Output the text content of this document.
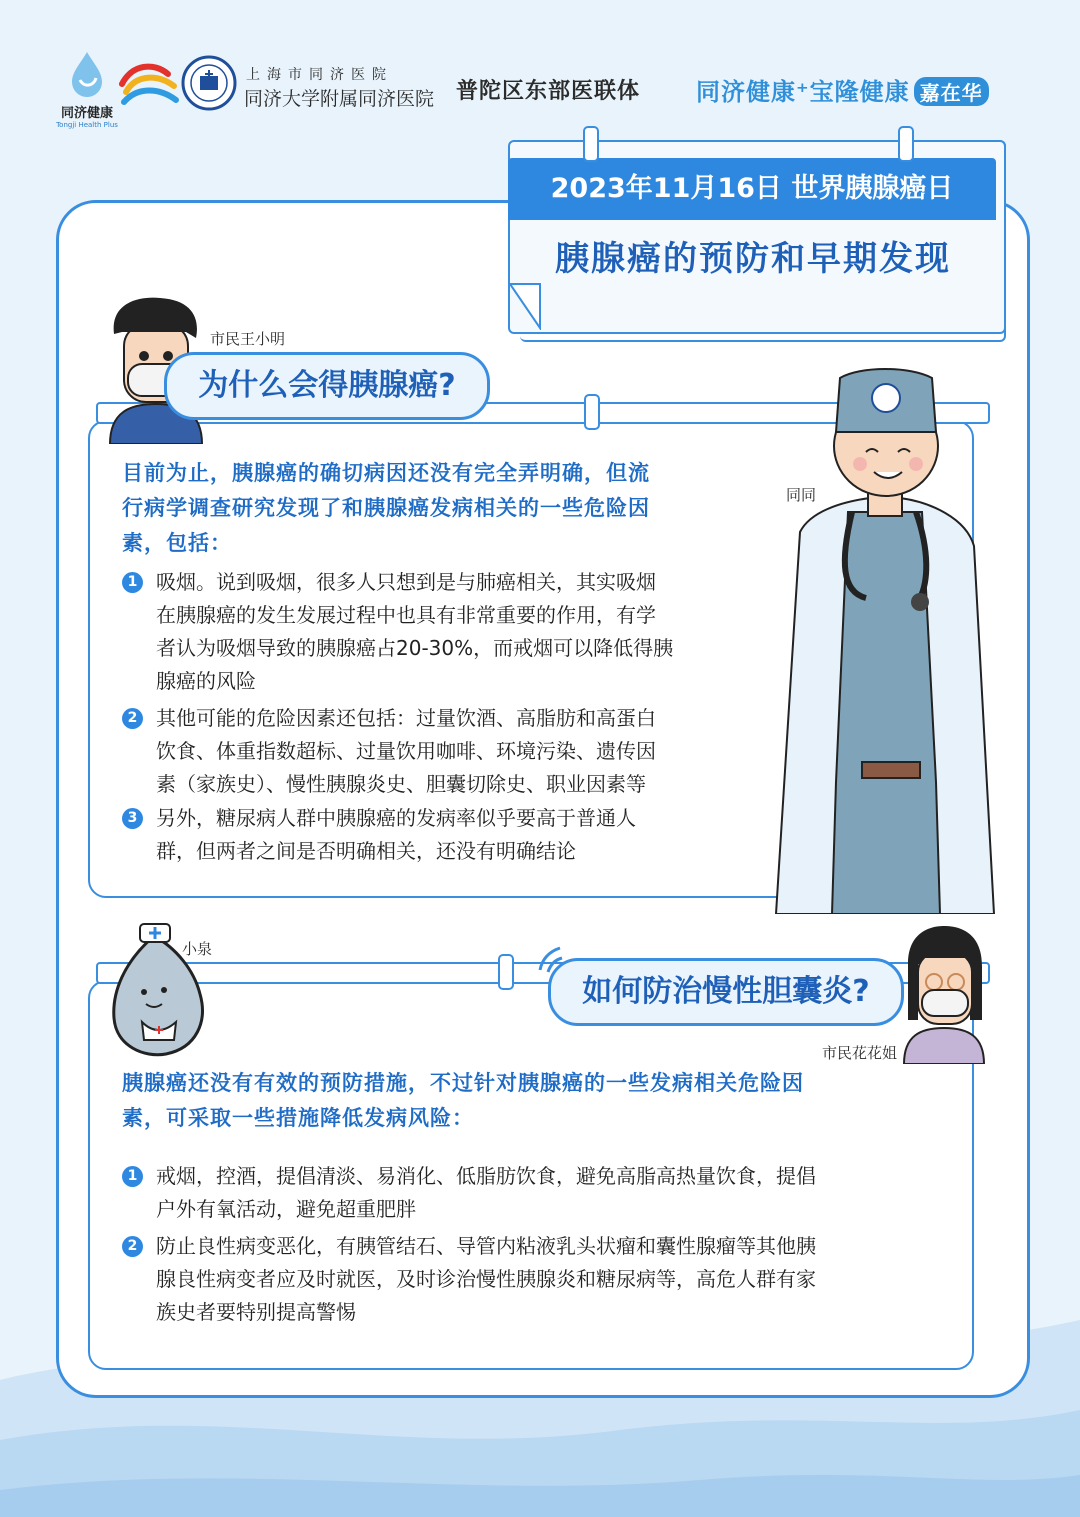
同济健康
Tongji Health Plus
上海市同济医院
同济大学附属同济医院 普陀区东部医联体 同济健康⁺宝隆健康 嘉在华
2023年11月16日 世界胰腺癌日
胰腺癌的预防和早期发现
市民王小明
为什么会得胰腺癌?
目前为止，胰腺癌的确切病因还没有完全弄明确，但流
行病学调查研究发现了和胰腺癌发病相关的一些危险因
素，包括：
1 吸烟。说到吸烟，很多人只想到是与肺癌相关，其实吸烟
在胰腺癌的发生发展过程中也具有非常重要的作用，有学
者认为吸烟导致的胰腺癌占20-30%，而戒烟可以降低得胰
腺癌的风险
2 其他可能的危险因素还包括：过量饮酒、高脂肪和高蛋白
饮食、体重指数超标、过量饮用咖啡、环境污染、遗传因
素（家族史）、慢性胰腺炎史、胆囊切除史、职业因素等
3 另外，糖尿病人群中胰腺癌的发病率似乎要高于普通人
群，但两者之间是否明确相关，还没有明确结论
同同
小泉
如何防治慢性胆囊炎?
市民花花姐
胰腺癌还没有有效的预防措施，不过针对胰腺癌的一些发病相关危险因
素，可采取一些措施降低发病风险：
1 戒烟，控酒，提倡清淡、易消化、低脂肪饮食，避免高脂高热量饮食，提倡
户外有氧活动，避免超重肥胖
2 防止良性病变恶化，有胰管结石、导管内粘液乳头状瘤和囊性腺瘤等其他胰
腺良性病变者应及时就医，及时诊治慢性胰腺炎和糖尿病等，高危人群有家
族史者要特别提高警惕
